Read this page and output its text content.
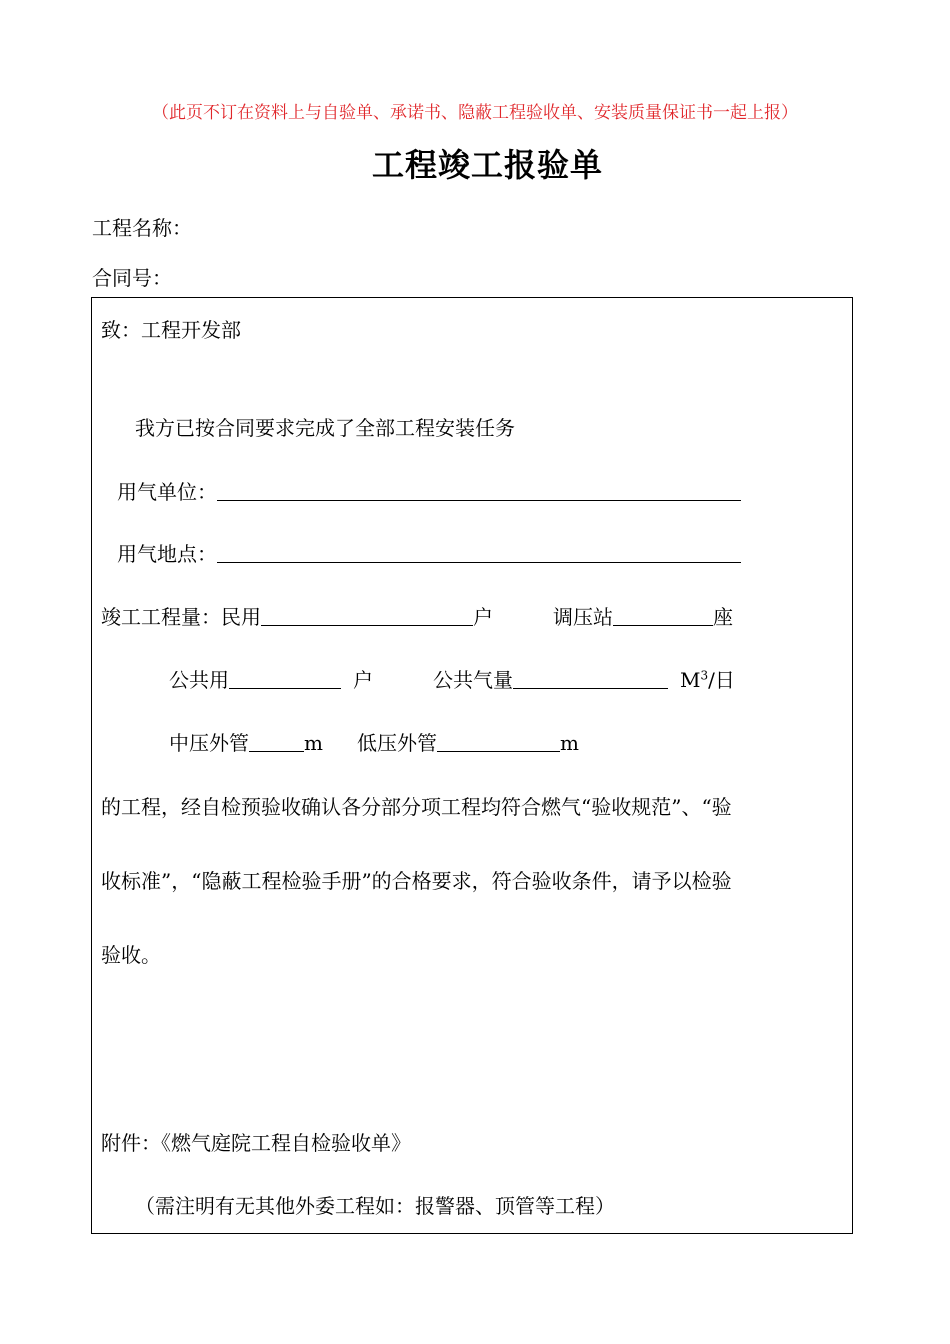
（此页不订在资料上与自验单、承诺书、隐蔽工程验收单、安装质量保证书一起上报）
工程竣工报验单
工程名称：
合同号：
致：工程开发部
我方已按合同要求完成了全部工程安装任务
用气单位：
用气地点：
竣工工程量：民用	户	调压站	座
公共用	户	公共气量	$M^3/$日
中压外管	m 低压外管	m
的工程，经自检预验收确认各分部分项工程均符合燃气“验收规范”、“验
收标准”，“隐蔽工程检验手册”的合格要求，符合验收条件，请予以检验
验收。
附件：《燃气庭院工程自检验收单》
（需注明有无其他外委工程如：报警器、顶管等工程）
